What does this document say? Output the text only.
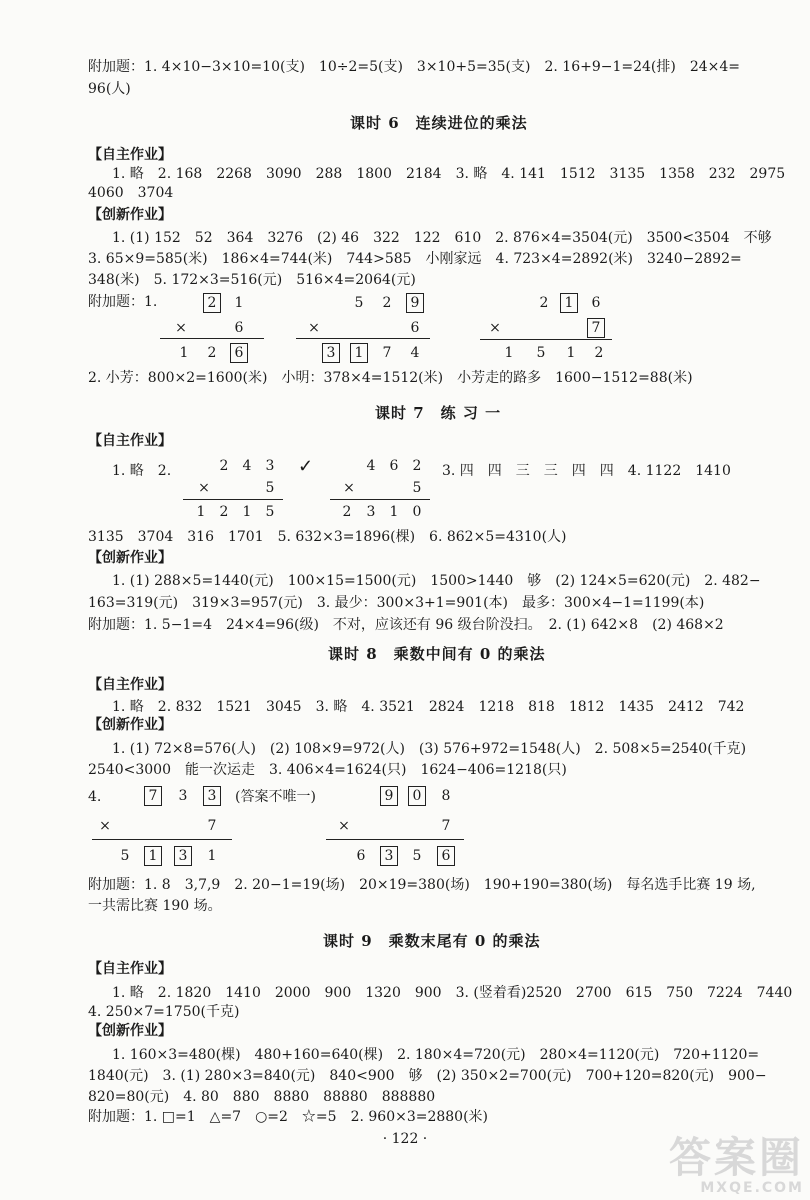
附加题：1. 4×10−3×10=10(支)　10÷2=5(支)　3×10+5=35(支)　2. 16+9−1=24(排)　24×4=
96(人)
课时 6　连续进位的乘法
【自主作业】
1. 略　2. 168　2268　3090　288　1800　2184　3. 略　4. 141　1512　3135　1358　232　2975
4060　3704
【创新作业】
1. (1) 152　52　364　3276　(2) 46　322　122　610　2. 876×4=3504(元)　3500<3504　不够
3. 65×9=585(米)　186×4=744(米)　744>585　小刚家远　4. 723×4=2892(米)　3240−2892=
348(米)　5. 172×3=516(元)　516×4=2064(元)
附加题：1.
2. 小芳：800×2=1600(米)　小明：378×4=1512(米)　小芳走的路多　1600−1512=88(米)
课时 7　练 习 一
【自主作业】
1. 略　2.	✓	3. 四　四　三　三　四　四　4. 1122　1410
3135　3704　316　1701　5. 632×3=1896(棵)　6. 862×5=4310(人)
【创新作业】
1. (1) 288×5=1440(元)　100×15=1500(元)　1500>1440　够　(2) 124×5=620(元)　2. 482−
163=319(元)　319×3=957(元)　3. 最少：300×3+1=901(本)　最多：300×4−1=1199(本)
附加题：1. 5−1=4　24×4=96(级)　不对，应该还有 96 级台阶没扫。　2. (1) 642×8　(2) 468×2
课时 8　乘数中间有 0 的乘法
【自主作业】
1. 略　2. 832　1521　3045　3. 略　4. 3521　2824　1218　818　1812　1435　2412　742
【创新作业】
1. (1) 72×8=576(人)　(2) 108×9=972(人)　(3) 576+972=1548(人)　2. 508×5=2540(千克)
2540<3000　能一次运走　3. 406×4=1624(只)　1624−406=1218(只)
4.	(答案不唯一)
附加题：1. 8　3,7,9　2. 20−1=19(场)　20×19=380(场)　190+190=380(场)　每名选手比赛 19 场,
一共需比赛 190 场。
课时 9　乘数末尾有 0 的乘法
【自主作业】
1. 略　2. 1820　1410　2000　900　1320　900　3. (竖着看)2520　2700　615　750　7224　7440
4. 250×7=1750(千克)
【创新作业】
1. 160×3=480(棵)　480+160=640(棵)　2. 180×4=720(元)　280×4=1120(元)　720+1120=
1840(元)　3. (1) 280×3=840(元)　840<900　够　(2) 350×2=700(元)　700+120=820(元)　900−
820=80(元)　4. 80　880　8880　88880　888880
附加题：1. □=1　△=7　○=2　☆=5　2. 960×3=2880(米)
2	1
×	6
1	2	6
5	2	9
×	6
3	1	7	4
2	1	6
×	7
1	5	1	2
2	4	3
×	5
1	2	1	5
4	6	2
×	5
2	3	1	0
7	3	3
×	7
5	1	3	1
9	0	8
×	7
6	3	5	6
· 122 ·	答案圈
MXQE.COM
